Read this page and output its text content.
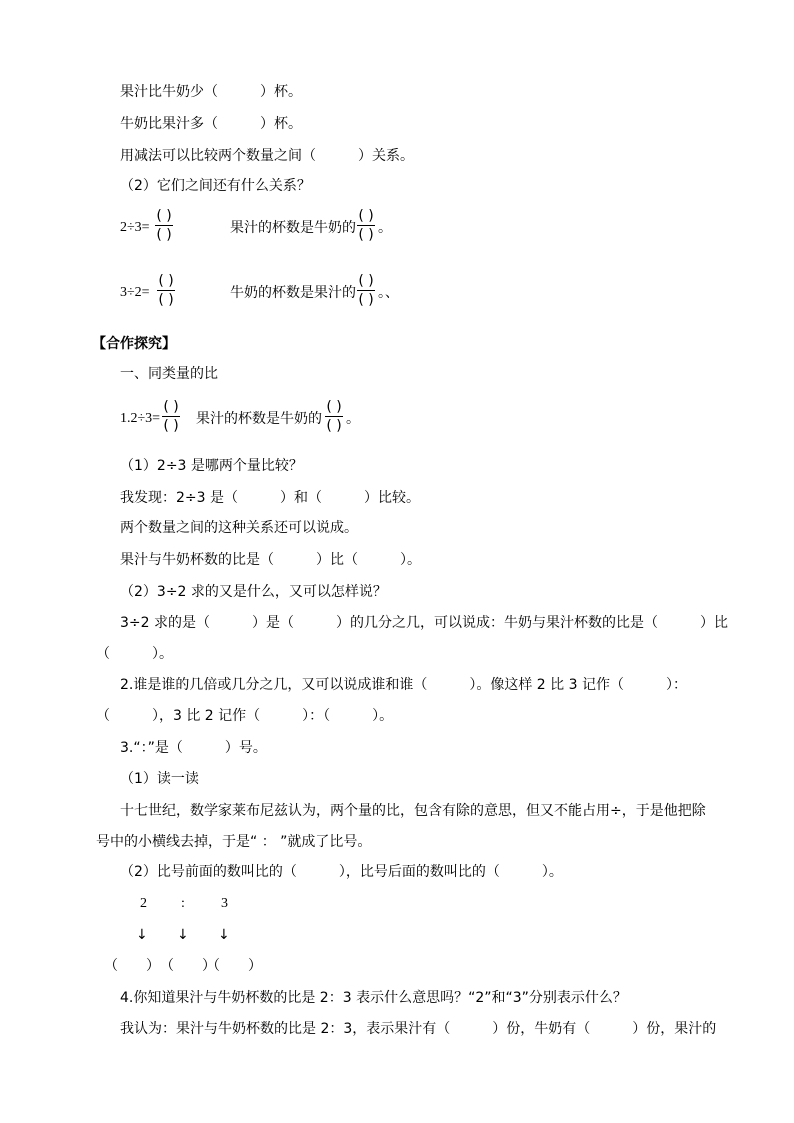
果汁比牛奶少（　　　）杯。
牛奶比果汁多（　　　）杯。
用减法可以比较两个数量之间（　　　）关系。
（2）它们之间还有什么关系？
2÷3=
( )
( )	果汁的杯数是牛奶的
( )
( ) 。
3÷2=
( )
( )	牛奶的杯数是果汁的
( )
( ) 。、
【合作探究】
一、同类量的比
1.2÷3=
( )
( ) 果汁的杯数是牛奶的
( )
( ) 。
（1）2÷3 是哪两个量比较？
我发现：2÷3 是（　　　）和（　　　）比较。
两个数量之间的这种关系还可以说成。
果汁与牛奶杯数的比是（　　　）比（　　　）。
（2）3÷2 求的又是什么，又可以怎样说？
3÷2 求的是（　　　）是（　　　）的几分之几，可以说成：牛奶与果汁杯数的比是（　　　）比
（　　　）。
2.谁是谁的几倍或几分之几，又可以说成谁和谁（　　　）。像这样 2 比 3 记作（　　　）：
（　　　），3 比 2 记作（　　　）：（　　　）。
3.“：”是（　　　）号。
（1）读一读
十七世纪，数学家莱布尼兹认为，两个量的比，包含有除的意思，但又不能占用÷，于是他把除
号中的小横线去掉，于是“ ： ”就成了比号。
（2）比号前面的数叫比的（　　　），比号后面的数叫比的（　　　）。
2 :	3
↓ ↓ ↓
（　　） （　　）
（　　）
4.你知道果汁与牛奶杯数的比是 2：3 表示什么意思吗？“2”和“3”分别表示什么？
我认为：果汁与牛奶杯数的比是 2：3，表示果汁有（　　　）份，牛奶有（　　　）份，果汁的
